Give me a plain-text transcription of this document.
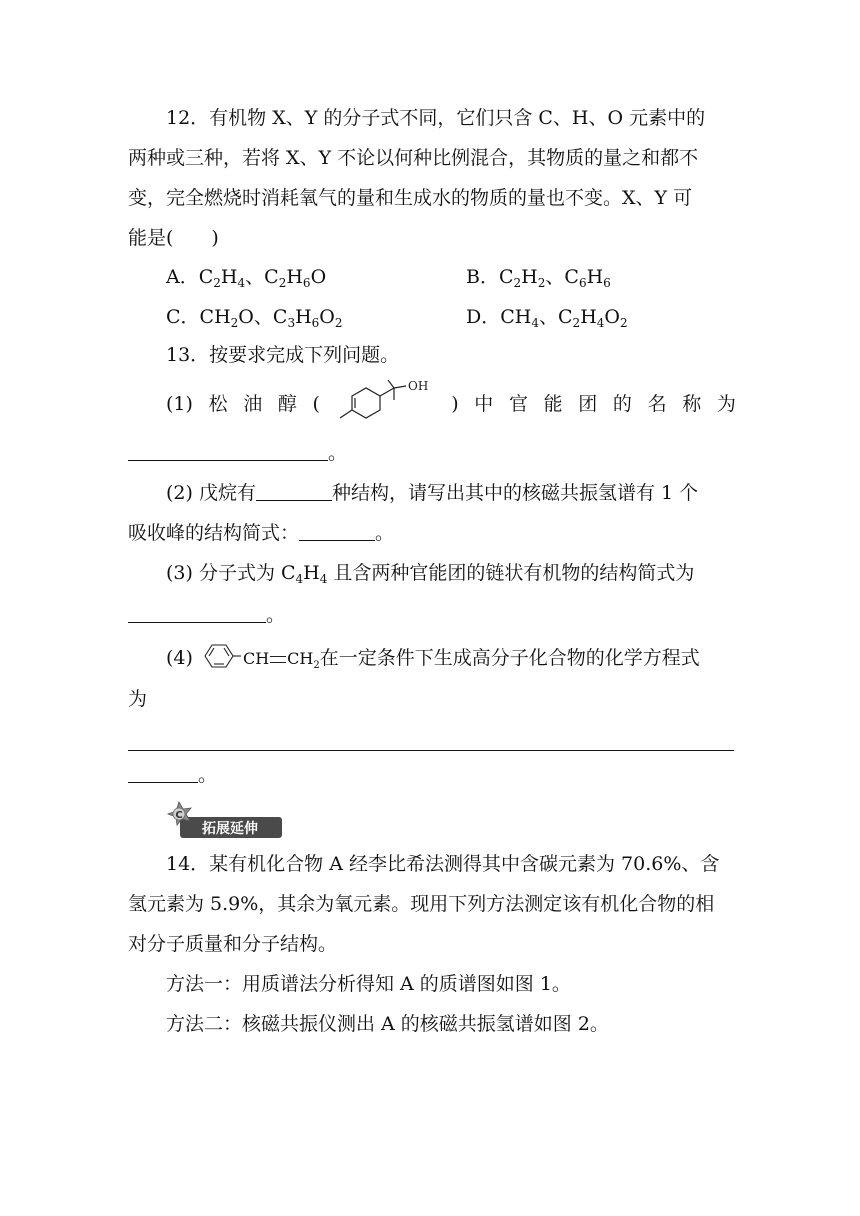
12．有机物 X、Y 的分子式不同，它们只含 C、H、O 元素中的
两种或三种，若将 X、Y 不论以何种比例混合，其物质的量之和都不
变，完全燃烧时消耗氧气的量和生成水的物质的量也不变。X、Y 可
能是(　　)
A．$C_2H_4$、$C_2H_6O$	B．$C_2H_2$、$C_6H_6$
C．$CH_2O$、$C_3H_6O_2$	D．$CH_4$、$C_2H_4O_2$
13．按要求完成下列问题。
(1) 松 油 醇 (
OH
) 中 官 能 团 的 名 称 为
。
(2) 戊烷有	种结构，请写出其中的核磁共振氢谱有 1 个
吸收峰的结构简式：	。
(3) 分子式为 $C_4H_4$ 且含两种官能团的链状有机物的结构简式为
。
(4)	CH $CH_2$在一定条件下生成高分子化合物的化学方程式
为
。
C
拓展延伸
14．某有机化合物 A 经李比希法测得其中含碳元素为 70.6%、含
氢元素为 5.9%，其余为氧元素。现用下列方法测定该有机化合物的相
对分子质量和分子结构。
方法一：用质谱法分析得知 A 的质谱图如图 1。
方法二：核磁共振仪测出 A 的核磁共振氢谱如图 2。
